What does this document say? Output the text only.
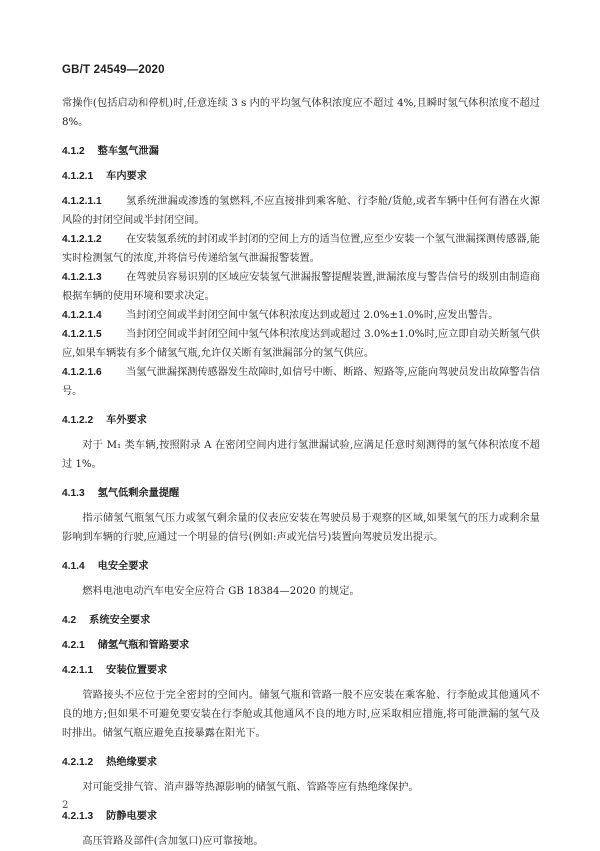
GB/T 24549—2020

常操作(包括启动和停机)时,任意连续 3 s 内的平均氢气体积浓度应不超过 4%,且瞬时氢气体积浓度不超过 8%。

4.1.2 整车氢气泄漏
4.1.2.1 车内要求

4.1.2.1.1 氢系统泄漏或渗透的氢燃料,不应直接排到乘客舱、行李舱/货舱,或者车辆中任何有潜在火源风险的封闭空间或半封闭空间。

4.1.2.1.2 在安装氢系统的封闭或半封闭的空间上方的适当位置,应至少安装一个氢气泄漏探测传感器,能实时检测氢气的浓度,并将信号传递给氢气泄漏报警装置。

4.1.2.1.3 在驾驶员容易识别的区域应安装氢气泄漏报警提醒装置,泄漏浓度与警告信号的级别由制造商根据车辆的使用环境和要求决定。

4.1.2.1.4 当封闭空间或半封闭空间中氢气体积浓度达到或超过 2.0%±1.0%时,应发出警告。

4.1.2.1.5 当封闭空间或半封闭空间中氢气体积浓度达到或超过 3.0%±1.0%时,应立即自动关断氢气供应,如果车辆装有多个储氢气瓶,允许仅关断有氢泄漏部分的氢气供应。

4.1.2.1.6 当氢气泄漏探测传感器发生故障时,如信号中断、断路、短路等,应能向驾驶员发出故障警告信号。

4.1.2.2 车外要求

对于 M₁ 类车辆,按照附录 A 在密闭空间内进行氢泄漏试验,应满足任意时刻测得的氢气体积浓度不超过 1%。

4.1.3 氢气低剩余量提醒

指示储氢气瓶氢气压力或氢气剩余量的仪表应安装在驾驶员易于观察的区域,如果氢气的压力或剩余量影响到车辆的行驶,应通过一个明显的信号(例如:声或光信号)装置向驾驶员发出提示。

4.1.4 电安全要求

燃料电池电动汽车电安全应符合 GB 18384—2020 的规定。

4.2 系统安全要求
4.2.1 储氢气瓶和管路要求
4.2.1.1 安装位置要求

管路接头不应位于完全密封的空间内。储氢气瓶和管路一般不应安装在乘客舱、行李舱或其他通风不良的地方;但如果不可避免要安装在行李舱或其他通风不良的地方时,应采取相应措施,将可能泄漏的氢气及时排出。储氢气瓶应避免直接暴露在阳光下。

4.2.1.2 热绝缘要求

对可能受排气管、消声器等热源影响的储氢气瓶、管路等应有热绝缘保护。

4.2.1.3 防静电要求

高压管路及部件(含加氢口)应可靠接地。

2
